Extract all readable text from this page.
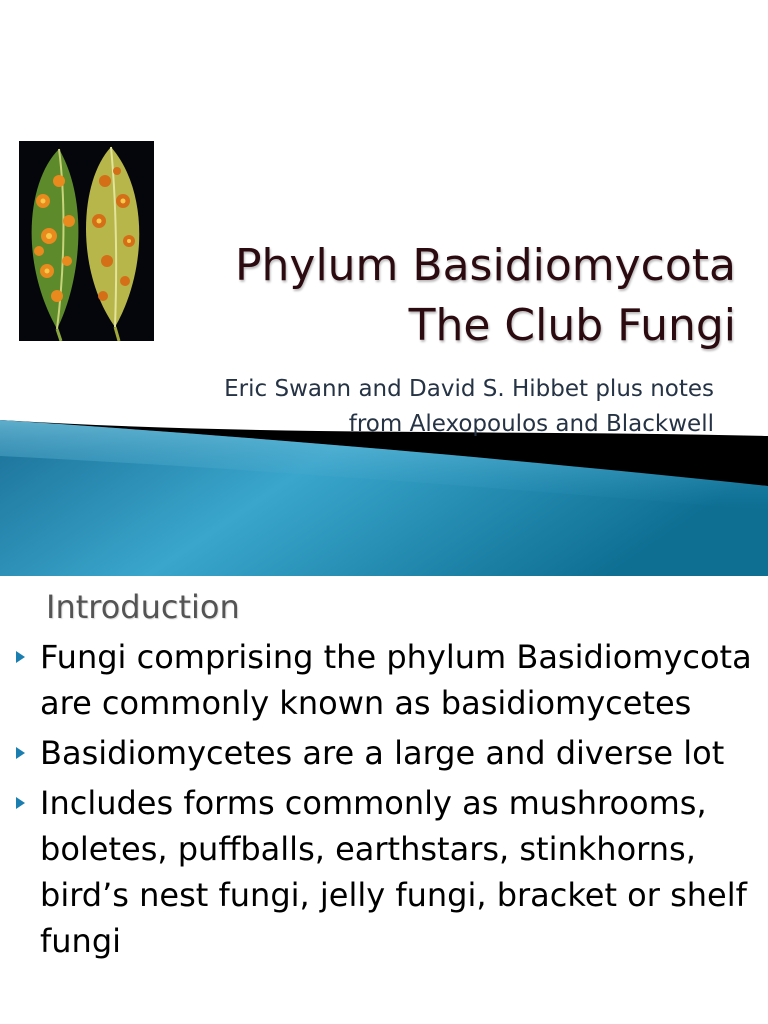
Phylum Basidiomycota
The Club Fungi
Eric Swann and David S. Hibbet plus notes
from Alexopoulos and Blackwell
Introduction
Fungi comprising the phylum Basidiomycota are commonly known as basidiomycetes
Basidiomycetes are a large and diverse lot
Includes forms commonly as mushrooms, boletes, puffballs, earthstars, stinkhorns, bird’s nest fungi, jelly fungi, bracket or shelf fungi
